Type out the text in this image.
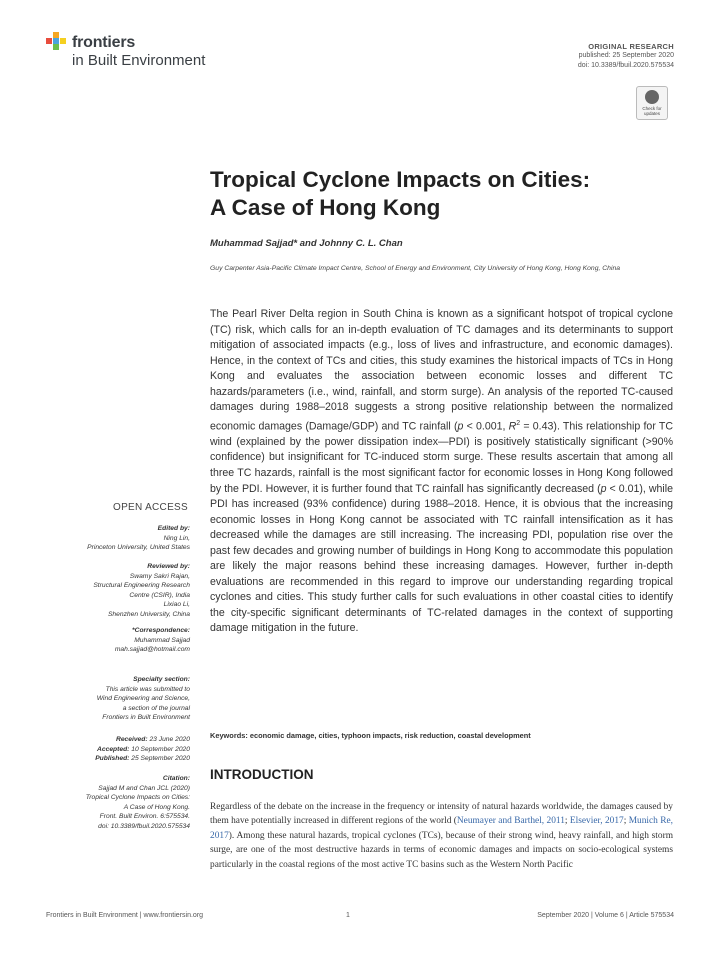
frontiers
in Built Environment
ORIGINAL RESEARCH
published: 25 September 2020
doi: 10.3389/fbuil.2020.575534
Check for updates
Tropical Cyclone Impacts on Cities:
A Case of Hong Kong
Muhammad Sajjad* and Johnny C. L. Chan
Guy Carpenter Asia-Pacific Climate Impact Centre, School of Energy and Environment, City University of Hong Kong, Hong Kong, China
The Pearl River Delta region in South China is known as a significant hotspot of tropical cyclone (TC) risk, which calls for an in-depth evaluation of TC damages and its determinants to support mitigation of associated impacts (e.g., loss of lives and infrastructure, and economic damages). Hence, in the context of TCs and cities, this study examines the historical impacts of TCs in Hong Kong and evaluates the association between economic losses and different TC hazards/parameters (i.e., wind, rainfall, and storm surge). An analysis of the reported TC-caused damages during 1988–2018 suggests a strong positive relationship between the normalized economic damages (Damage/GDP) and TC rainfall (p < 0.001, $R^2 = 0.43$). This relationship for TC wind (explained by the power dissipation index—PDI) is positively statistically significant (>90% confidence) but insignificant for TC-induced storm surge. These results ascertain that among all three TC hazards, rainfall is the most significant factor for economic losses in Hong Kong followed by the PDI. However, it is further found that TC rainfall has significantly decreased (p < 0.01), while PDI has increased (93% confidence) during 1988–2018. Hence, it is obvious that the increasing economic losses in Hong Kong cannot be associated with TC rainfall intensification as it has decreased while the damages are still increasing. The increasing PDI, population rise over the past few decades and growing number of buildings in Hong Kong to accommodate this population are likely the major reasons behind these increasing damages. However, further in-depth evaluations are recommended in this regard to improve our understanding regarding tropical cyclones and cities. This study further calls for such evaluations in other coastal cities to identify the city-specific significant determinants of TC-related damages in the context of supporting damage mitigation in the future.
Keywords: economic damage, cities, typhoon impacts, risk reduction, coastal development
INTRODUCTION
Regardless of the debate on the increase in the frequency or intensity of natural hazards worldwide, the damages caused by them have potentially increased in different regions of the world (Neumayer and Barthel, 2011; Elsevier, 2017; Munich Re, 2017). Among these natural hazards, tropical cyclones (TCs), because of their strong wind, heavy rainfall, and high storm surge, are one of the most destructive hazards in terms of economic damages and impacts on socio-ecological systems particularly in the coastal regions of the most active TC basins such as the Western North Pacific
OPEN ACCESS
Edited by:
Ning Lin,
Princeton University, United States
Reviewed by:
Swamy Sakri Rajan,
Structural Engineering Research
Centre (CSIR), India
Lixiao Li,
Shenzhen University, China
*Correspondence:
Muhammad Sajjad
mah.sajjad@hotmail.com
Specialty section:
This article was submitted to
Wind Engineering and Science,
a section of the journal
Frontiers in Built Environment
Received: 23 June 2020
Accepted: 10 September 2020
Published: 25 September 2020
Citation:
Sajjad M and Chan JCL (2020)
Tropical Cyclone Impacts on Cities:
A Case of Hong Kong.
Front. Built Environ. 6:575534.
doi: 10.3389/fbuil.2020.575534
Frontiers in Built Environment | www.frontiersin.org	1	September 2020 | Volume 6 | Article 575534
